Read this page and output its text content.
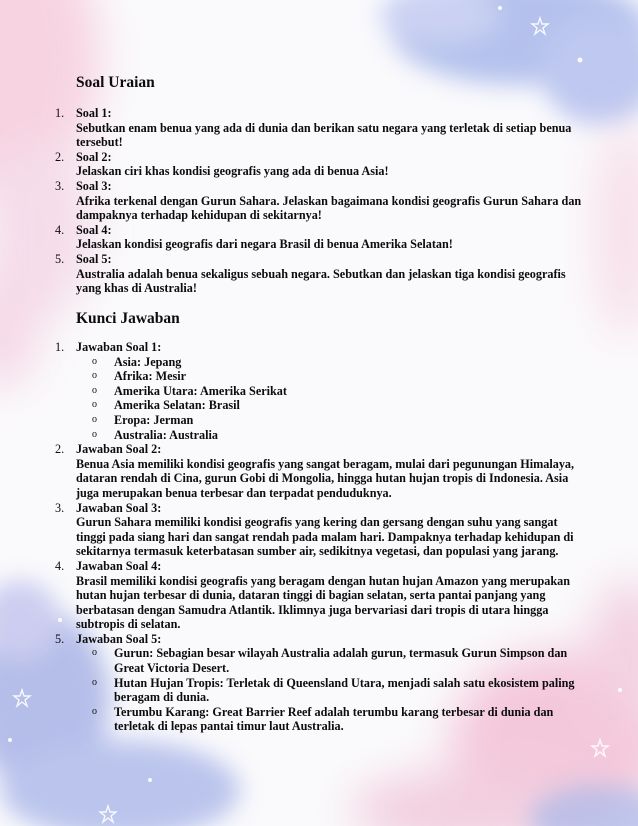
Soal Uraian
1. Soal 1:
Sebutkan enam benua yang ada di dunia dan berikan satu negara yang terletak di setiap benua tersebut!
2. Soal 2:
Jelaskan ciri khas kondisi geografis yang ada di benua Asia!
3. Soal 3:
Afrika terkenal dengan Gurun Sahara. Jelaskan bagaimana kondisi geografis Gurun Sahara dan dampaknya terhadap kehidupan di sekitarnya!
4. Soal 4:
Jelaskan kondisi geografis dari negara Brasil di benua Amerika Selatan!
5. Soal 5:
Australia adalah benua sekaligus sebuah negara. Sebutkan dan jelaskan tiga kondisi geografis yang khas di Australia!
Kunci Jawaban
1. Jawaban Soal 1:
o Asia: Jepang
o Afrika: Mesir
o Amerika Utara: Amerika Serikat
o Amerika Selatan: Brasil
o Eropa: Jerman
o Australia: Australia
2. Jawaban Soal 2:
Benua Asia memiliki kondisi geografis yang sangat beragam, mulai dari pegunungan Himalaya, dataran rendah di Cina, gurun Gobi di Mongolia, hingga hutan hujan tropis di Indonesia. Asia juga merupakan benua terbesar dan terpadat penduduknya.
3. Jawaban Soal 3:
Gurun Sahara memiliki kondisi geografis yang kering dan gersang dengan suhu yang sangat tinggi pada siang hari dan sangat rendah pada malam hari. Dampaknya terhadap kehidupan di sekitarnya termasuk keterbatasan sumber air, sedikitnya vegetasi, dan populasi yang jarang.
4. Jawaban Soal 4:
Brasil memiliki kondisi geografis yang beragam dengan hutan hujan Amazon yang merupakan hutan hujan terbesar di dunia, dataran tinggi di bagian selatan, serta pantai panjang yang berbatasan dengan Samudra Atlantik. Iklimnya juga bervariasi dari tropis di utara hingga subtropis di selatan.
5. Jawaban Soal 5:
o Gurun: Sebagian besar wilayah Australia adalah gurun, termasuk Gurun Simpson dan Great Victoria Desert.
o Hutan Hujan Tropis: Terletak di Queensland Utara, menjadi salah satu ekosistem paling beragam di dunia.
o Terumbu Karang: Great Barrier Reef adalah terumbu karang terbesar di dunia dan terletak di lepas pantai timur laut Australia.
